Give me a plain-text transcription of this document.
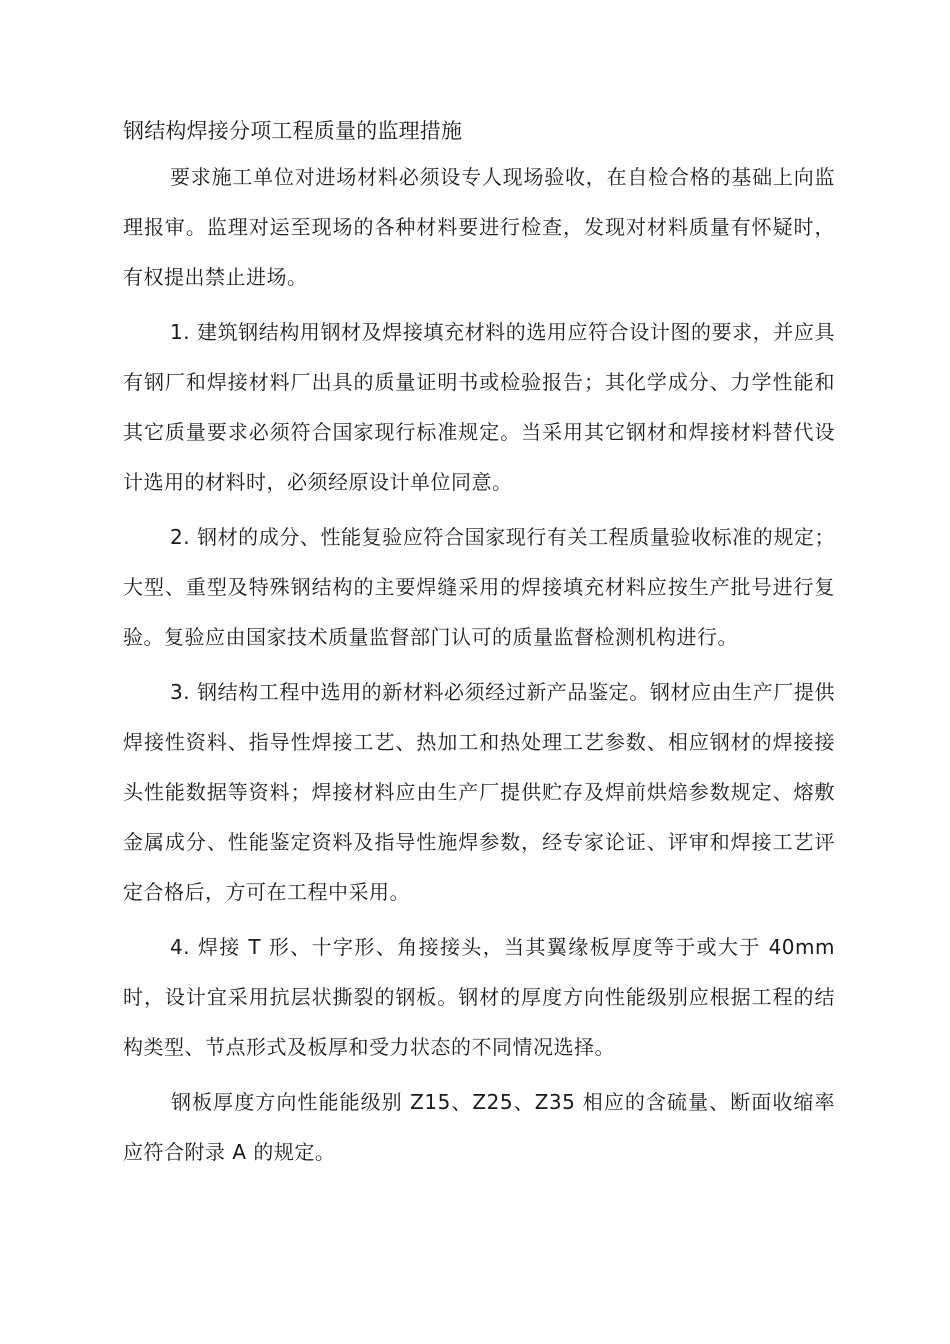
钢结构焊接分项工程质量的监理措施

要求施工单位对进场材料必须设专人现场验收，在自检合格的基础上向监理报审。监理对运至现场的各种材料要进行检查，发现对材料质量有怀疑时，有权提出禁止进场。

1. 建筑钢结构用钢材及焊接填充材料的选用应符合设计图的要求，并应具有钢厂和焊接材料厂出具的质量证明书或检验报告；其化学成分、力学性能和其它质量要求必须符合国家现行标准规定。当采用其它钢材和焊接材料替代设计选用的材料时，必须经原设计单位同意。

2. 钢材的成分、性能复验应符合国家现行有关工程质量验收标准的规定；大型、重型及特殊钢结构的主要焊缝采用的焊接填充材料应按生产批号进行复验。复验应由国家技术质量监督部门认可的质量监督检测机构进行。

3. 钢结构工程中选用的新材料必须经过新产品鉴定。钢材应由生产厂提供焊接性资料、指导性焊接工艺、热加工和热处理工艺参数、相应钢材的焊接接头性能数据等资料；焊接材料应由生产厂提供贮存及焊前烘焙参数规定、熔敷金属成分、性能鉴定资料及指导性施焊参数，经专家论证、评审和焊接工艺评定合格后，方可在工程中采用。

4. 焊接 T 形、十字形、角接接头，当其翼缘板厚度等于或大于 40mm 时，设计宜采用抗层状撕裂的钢板。钢材的厚度方向性能级别应根据工程的结构类型、节点形式及板厚和受力状态的不同情况选择。

钢板厚度方向性能能级别 Z15、Z25、Z35 相应的含硫量、断面收缩率应符合附录 A 的规定。
